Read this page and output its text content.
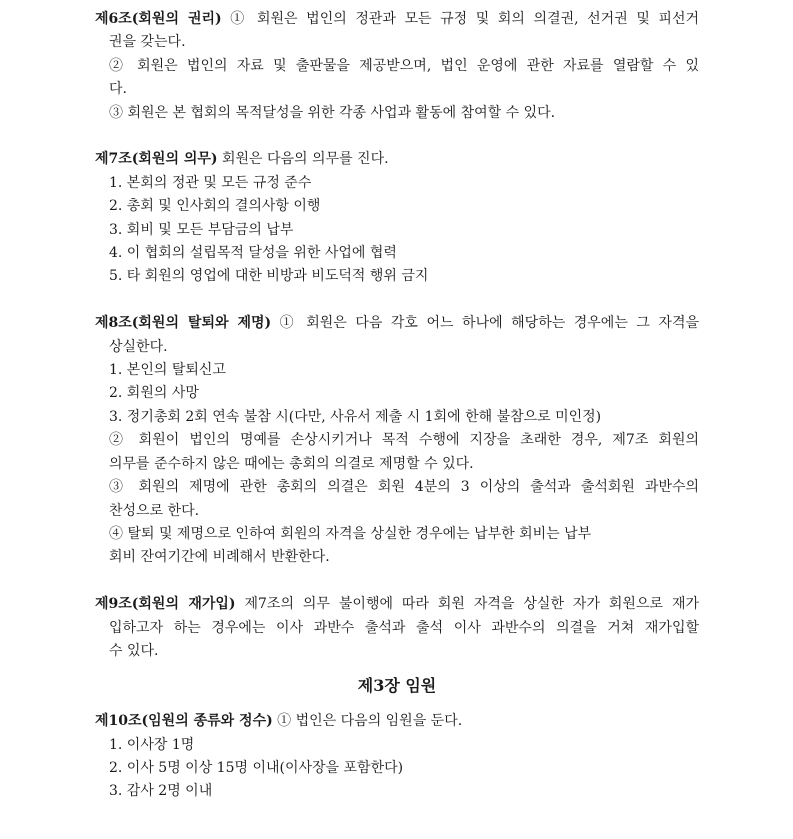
제6조(회원의 권리) ① 회원은 법인의 정관과 모든 규정 및 회의 의결권, 선거권 및 피선거
권을 갖는다.
② 회원은 법인의 자료 및 출판물을 제공받으며, 법인 운영에 관한 자료를 열람할 수 있
다.
③ 회원은 본 협회의 목적달성을 위한 각종 사업과 활동에 참여할 수 있다.
제7조(회원의 의무) 회원은 다음의 의무를 진다.
1. 본회의 정관 및 모든 규정 준수
2. 총회 및 인사회의 결의사항 이행
3. 회비 및 모든 부담금의 납부
4. 이 협회의 설립목적 달성을 위한 사업에 협력
5. 타 회원의 영업에 대한 비방과 비도덕적 행위 금지
제8조(회원의 탈퇴와 제명) ① 회원은 다음 각호 어느 하나에 해당하는 경우에는 그 자격을
상실한다.
1. 본인의 탈퇴신고
2. 회원의 사망
3. 정기총회 2회 연속 불참 시(다만, 사유서 제출 시 1회에 한해 불참으로 미인정)
② 회원이 법인의 명예를 손상시키거나 목적 수행에 지장을 초래한 경우, 제7조 회원의
의무를 준수하지 않은 때에는 총회의 의결로 제명할 수 있다.
③ 회원의 제명에 관한 총회의 의결은 회원 4분의 3 이상의 출석과 출석회원 과반수의
찬성으로 한다.
④ 탈퇴 및 제명으로 인하여 회원의 자격을 상실한 경우에는 납부한 회비는 납부
회비 잔여기간에 비례해서 반환한다.
제9조(회원의 재가입) 제7조의 의무 불이행에 따라 회원 자격을 상실한 자가 회원으로 재가
입하고자 하는 경우에는 이사 과반수 출석과 출석 이사 과반수의 의결을 거쳐 재가입할
수 있다.
제3장 임원
제10조(임원의 종류와 정수) ① 법인은 다음의 임원을 둔다.
1. 이사장 1명
2. 이사 5명 이상 15명 이내(이사장을 포함한다)
3. 감사 2명 이내
